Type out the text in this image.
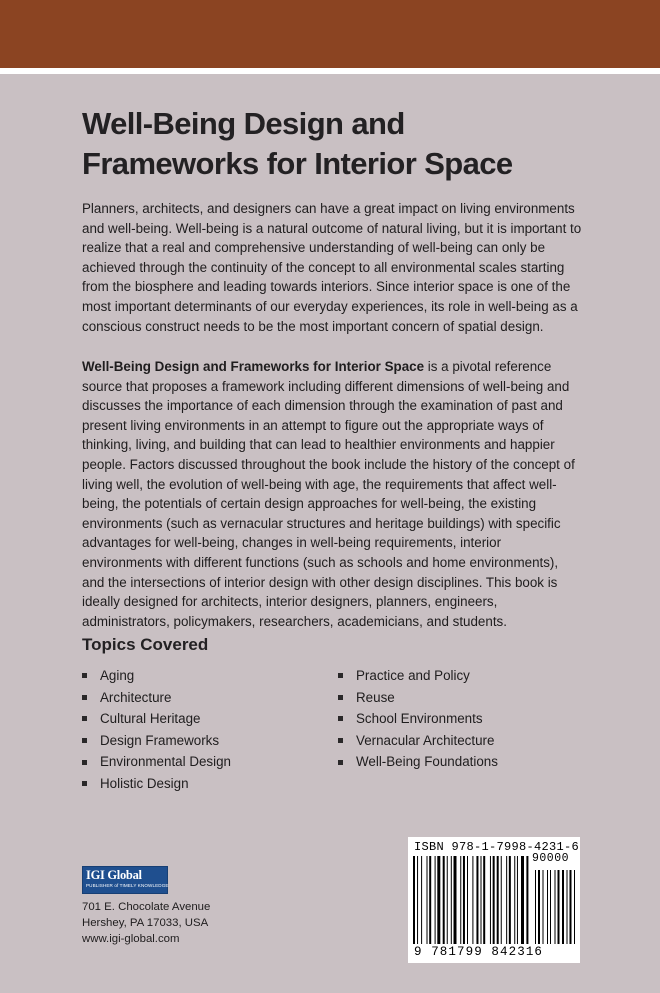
Well-Being Design and
Frameworks for Interior Space

Planners, architects, and designers can have a great impact on living environments and well-being. Well-being is a natural outcome of natural living, but it is important to realize that a real and comprehensive understanding of well-being can only be achieved through the continuity of the concept to all environmental scales starting from the biosphere and leading towards interiors. Since interior space is one of the most important determinants of our everyday experiences, its role in well-being as a conscious construct needs to be the most important concern of spatial design.

Well-Being Design and Frameworks for Interior Space is a pivotal reference source that proposes a framework including different dimensions of well-being and discusses the importance of each dimension through the examination of past and present living environments in an attempt to figure out the appropriate ways of thinking, living, and building that can lead to healthier environments and happier people. Factors discussed throughout the book include the history of the concept of living well, the evolution of well-being with age, the requirements that affect well-being, the potentials of certain design approaches for well-being, the existing environments (such as vernacular structures and heritage buildings) with specific advantages for well-being, changes in well-being requirements, interior environments with different functions (such as schools and home environments), and the intersections of interior design with other design disciplines. This book is ideally designed for architects, interior designers, planners, engineers, administrators, policymakers, researchers, academicians, and students.

Topics Covered
Aging
Architecture
Cultural Heritage
Design Frameworks
Environmental Design
Holistic Design
Practice and Policy
Reuse
School Environments
Vernacular Architecture
Well-Being Foundations
IGI Global
PUBLISHER of TIMELY KNOWLEDGE
701 E. Chocolate Avenue
Hershey, PA 17033, USA
www.igi-global.com
ISBN 978-1-7998-4231-6
90000
9 781799 842316
